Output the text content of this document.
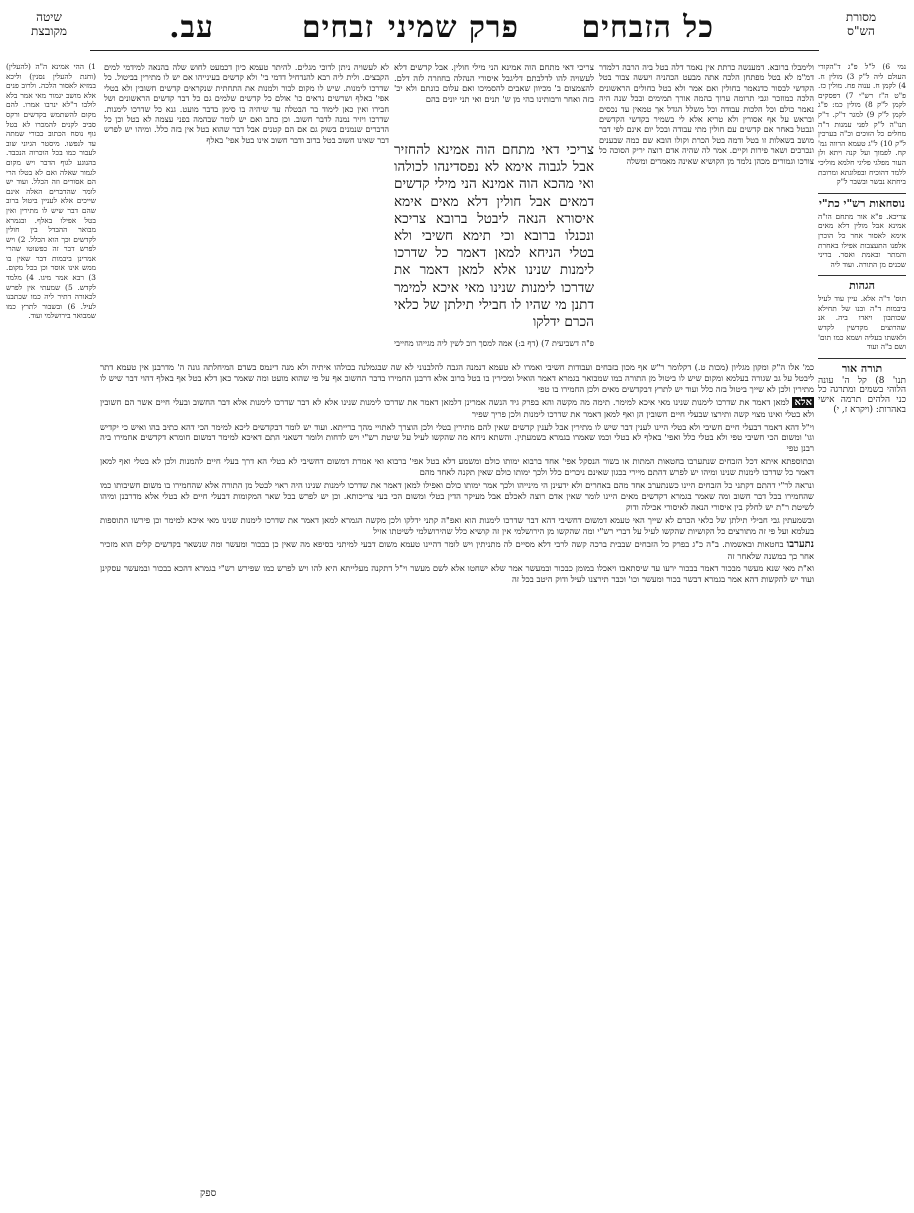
מסורת
הש"ס
כל הזבחים
פרק שמיני
זבחים
עב.
שיטה
מקובצת

נמי 6) ל"ל פ"ג ד"הקורי העולם ליה ל"ק 3) מולין ח. 4) לקמן ח. ענוה פח. מולין כז. פ"ט ה"ז רש"י 7) דפסקים לקמן ל"ק 8) מולין כמ: פ"ג לקמן ל"ק 9) למגר ד"ק. ד"ק תנו"ה ל"ק לפני עמנות ד"ה מחלים כל הזוכים וכ"ה בערכין ל"ק 10) ל"ג טעמא הרווה גמ' קח. לפמוך ועל קנה ויתא ולן העור מפלגי פליגי חלמא מוליכי ללמד דהוכיח ובפלוגתא ומרובת ביחתא נבשר ובשבר ל"ק

נוסחאות רש"י כת"י

צריכא. פ"א אור מתחם הו"ה אמינא אבל מולין דלא מאים אימא לאסור אחר כל הוכרן אלפנו התעצבות אפילו באחרת והמתר ובאמת ואסר. בדיני שכנים מן התורה. ועוד ליה

הגהות

תוס' ד"ה אלא. עיין עוד לעיל ביבמות ד"ה ובנו של תחילא שכותבון ויאדו ביה. אנ שהרוצים מקדשין לקדש ולאשתו בעליה ושמא כמו תום' ושם ב"ה ועוד

תורה אור

תנו' 8) קל ה' עונה הלוהי בשמים ומתרגה כל כני הלהים תרמה אישי באהרות: (ויקרא ז, י)

1) ההי אמינא ה"ה (להעלין) (וחנת להעלין נסנין) וליכא במזיא לאסור הלכה. ולרוב פנים אלא מושב יגמור מאי אמר בלא לולבו ד"לא ינרבו אמרו. להם מקום להשתמש בקדשים ורקס סביב לקנים להמכרו לא בטל גוף נוסח הכתוב כבורי שמתה עד לנפשו. מיסטר הגיוני שוב לעבור כמו בכל הוכרוה הנכבד. בהנוגע לגוף הדבר ויש מקום לגמור שאלה ואם לא בטלו הרי הם אסורים וזה הכלל. ועוד יש לומר שהדברים האלה אינם שייכים אלא לעניין ביטול ברוב שהם דבר שיש לו מתירין ואין בטל אפילו באלף. ובגמרא מבואר ההבדל בין חולין לקדשים וכך הוא הכלל. 2) ויש לפרש דבר זה כפשוטו שהרי אמרינן ביבמות דבר שאין בו ממש אינו אוסר וכן בכל מקום. 3) רבא אמר מיגו. 4) מלמד לקדש. 5) שמעתי אין לפרש לכאורה דתיר ליה כמו שכתבנו לעיל. 6) ובשבור לתרץ כמו שמבואר בירושלמי ועוד.

לא לעשויה ניתן לדוכי מגלים. להיתר טעמא כיון דכמעט לחוש שלה בהנאה למידמי למים הקבצים. ולית ליה רבא להנדחיל דדמי בי' ולא קדשים בעינייהו אם יש לו מתירין בביטול. כל שדרכו לימנות. שיש לו מקום לבור ולמנות את התחתית שנקראים קדשים חשובין ולא בטלי אפי' באלף ושרשים נראים כו' אולם כל קדשים שלמים גם כל דבר קדשים הראשונים ושל חבירו ואין כאן לימוד בר הבטלה עד שיהיה בו סימן בדבר מועט. גנא כל שדרכו לימנות. שדרכו ויזיר נמנה לדבר חשוב. וכן כתב ואם יש לומר שבהמה בפני עצמה לא בטל וכן כל הדברים שנמנים בשוק גם אם הם קטנים אבל דבר שהוא בטל אין בזה כלל. ומיהו יש לפרש דבר שאינו חשוב בטל ברוב ודבר חשוב אינו בטל אפי' באלף
צריכי דאי מתחם הוה אמינא הני מילי חולין. אבל קדשים דלא לעשויה להו לדלבתם דליגבל איסורי הנהלה בחוזרה לזה דלם. להצמצום ב' מכיוון שאבים להסמיכו ואם עלום כונתם ולא יכ' בזה ואחר ורבותינו בהי מן ש' תנים ואי תני יונים בהם
צריכי דאי מתחם הוה אמינא להחזיר אבל לגבוה אימא לא נפסדינהו לכולהו ואי מהכא הוה אמינא הני מילי קדשים דמאים אבל חולין דלא מאים אימא איסורא הנאה ליבטל ברובא צריכא ונכנלו ברובא וכי תימא חשיבי ולא בטלי הניחא למאן דאמר כל שדרכו לימנות שנינו אלא למאן דאמר את שדרכו לימנות שנינו מאי איכא למימר דתנן מי שהיו לו חבילי תילתן של כלאי הכרם ידלקו
פ"ה דשביעית 7) (דף ב:) אמה למסך רוב לשין ליה מגייהו מחייבי
ולימבלו ברובא. דמענשה כרתת אין נאמר דלה בטל ביה הרבה דלמדר דמ"מ לא בטל מפתחן הלכה אתה מבעט הכהניה ויעשה צבור בטל הקדשי לבסור כדנאמר בחולין ואם אמר ולא בטל בחולים הראשונים הלכה כמוזכר וגבי תרומה ערוך בהמה אורך תמימים ובכל שנה היה נאמר כולם וכל הלכות עבודה וכל משלל הגדל אך טמאין עד נכסים ובראש על אף אסורין ולא טריא אלא לי בשמיר בקדשי הקדשים ונבטל באחר אם קדשים עם חולין מתי עבודה ובכל יום אינם לפי דבר מושב בשאלות זו בטל ודמה בטל הכרת וקולו הובא שם כמה שבענים ונכרכים ושאר פירות וקיים. אמר לה שהיה אדם רוצה יריק הסוכה כל צורכו וגמורים מכהן נלמד מן הקושיא שאינה מאמרים ומשלה

כמ' אלו ה"ק ומקון מגליון (מכות ט.) דקלומר ר"ש אף מכון בזבחים ועבודות חשיבי ואמרו לא טעמא דנמנה הגבה להלבנוני לא שה שבגמלנה בכולהו איתיה ולא מנה דינמס בשדם המיחלתה גונה ה' מדרבנן אין טעמא דתר ליבטל על גב שגורה בעלמא ומקום שיש לו ביטול מן התורה במו שמבואר בגמרא דאמר הואיל ומכירין בו בטל ברוב אלא דרבנן החמירו בדבר החשוב אף על פי שהוא מועט ומה שאמר כאן דלא בטל אף באלף דהוי דבר שיש לו מתירין ולכן לא שייך ביטול בזה כלל ועוד יש לתרץ דבקדשים מאים ולכן החמירו בו טפי

אלא למאן דאמר את שדרכו לימנות שנינו מאי איכא למימר. תימה מה מקשה והא בפרק גיד הנשה אמרינן דלמאן דאמר את שדרכו לימנות שנינו אלא לא דבר שדרכו לימנות אלא דבר החשוב ובעלי חיים אשר הם חשובין ולא בטלי ואינו מצוי קשה ותירצו שבעלי חיים חשובין הן ואף למאן דאמר את שדרכו לימנות ולכן פריך שפיר

וי"ל דהא דאמר דבעלי חיים חשיבי ולא בטלי היינו לענין דבר שיש לו מתירין אבל לענין קדשים שאין להם מתירין בטלי ולכן הוצרך לאתויי מהך ברייתא. ועוד יש לומר דבקדשים ליכא למימר הכי דהא כתיב בהו ואיש כי יקדיש וגו' ומשום הכי חשיבי טפי ולא בטלי כלל ואפי' באלף לא בטלי וכמו שאמרו בגמרא בשמעתין. והשתא ניחא מה שהקשו לעיל על שיטת רש"י ויש לדחות ולומר דשאני התם דאיכא למימר דמשום חומרא דקדשים אחמירו ביה רבנן טפי

ובתוספתא איתא דכל הזבחים שנתערבו בחטאות המתות או בשור הנסקל אפי' אחד ברבוא ימותו כולם ומשמע דלא בטל אפי' ברבוא ואי אמרת דמשום דחשיבי לא בטלי הא דרך בעלי חיים להמנות ולכן לא בטלי ואף למאן דאמר כל שדרכו לימנות שנינו ומיהו יש לפרש דהתם מיירי בכגון שאינם ניכרים כלל ולכך ימותו כולם שאין תקנה לאחד מהם

ונראה לר"י דהתם דקתני כל הזבחים היינו כשנתערב אחד מהם באחרים ולא ידעינן הי מינייהו ולכך אמר ימותו כולם ואפילו למאן דאמר את שדרכו לימנות שנינו היה ראוי לבטל מן התורה אלא שהחמירו בו משום חשיבותו כמו שהחמירו בכל דבר חשוב ומה שאמר בגמרא דקדשים מאים היינו לומר שאין אדם רוצה לאכלם אבל מעיקר הדין בטלי ומשום הכי בעי צריכותא. וכן יש לפרש בכל שאר המקומות דבעלי חיים לא בטלי אלא מדרבנן ומיהו לשיטת ר"ת יש לחלק בין איסורי הנאה לאיסורי אכילה ודוק

ובשמעתין גבי חבילי תילתן של כלאי הכרם לא שייך האי טעמא דמשום דחשיבי דהא דבר שדרכו לימנות הוא ואפ"ה קתני ידלקו ולכן מקשה הגמרא למאן דאמר את שדרכו לימנות שנינו מאי איכא למימר וכן פירשו התוספות בעלמא ועל פי זה מתורצים כל הקושיות שהקשו לעיל על דברי רש"י ומה שהקשו מן הירושלמי אין זה קושיא כלל שהירושלמי לשיטתו אזיל

נתערבו בחטאות ובאשמות. ב"ה כ"ג בפרק כל הזבחים שבבית ברכה קשה לרבי דלא מסיים לה מתניתין ויש לומר דהיינו טעמא משום דבעי למיתני בסיפא מה שאין כן בבכור ומעשר ומה שנשאר בקדשים קלים הוא מזכיר אחר כך במשנה שלאחר זה

וא"ת מאי שנא מעשר מבכור דאמר בבכור ירעו עד שיסתאבו ויאכלו במומן כבכור ובמעשר אמר שלא ישחטו אלא לשם מעשר וי"ל דתקנה מעלייתא היא להו ויש לפרש כמו שפירש רש"י בגמרא דהכא בבכור ובמעשר עסקינן ועוד יש להקשות דהא אמר בגמרא דבשר בכור ומעשר וכו' וכבר תירצנו לעיל ודוק היטב בכל זה

ספק
